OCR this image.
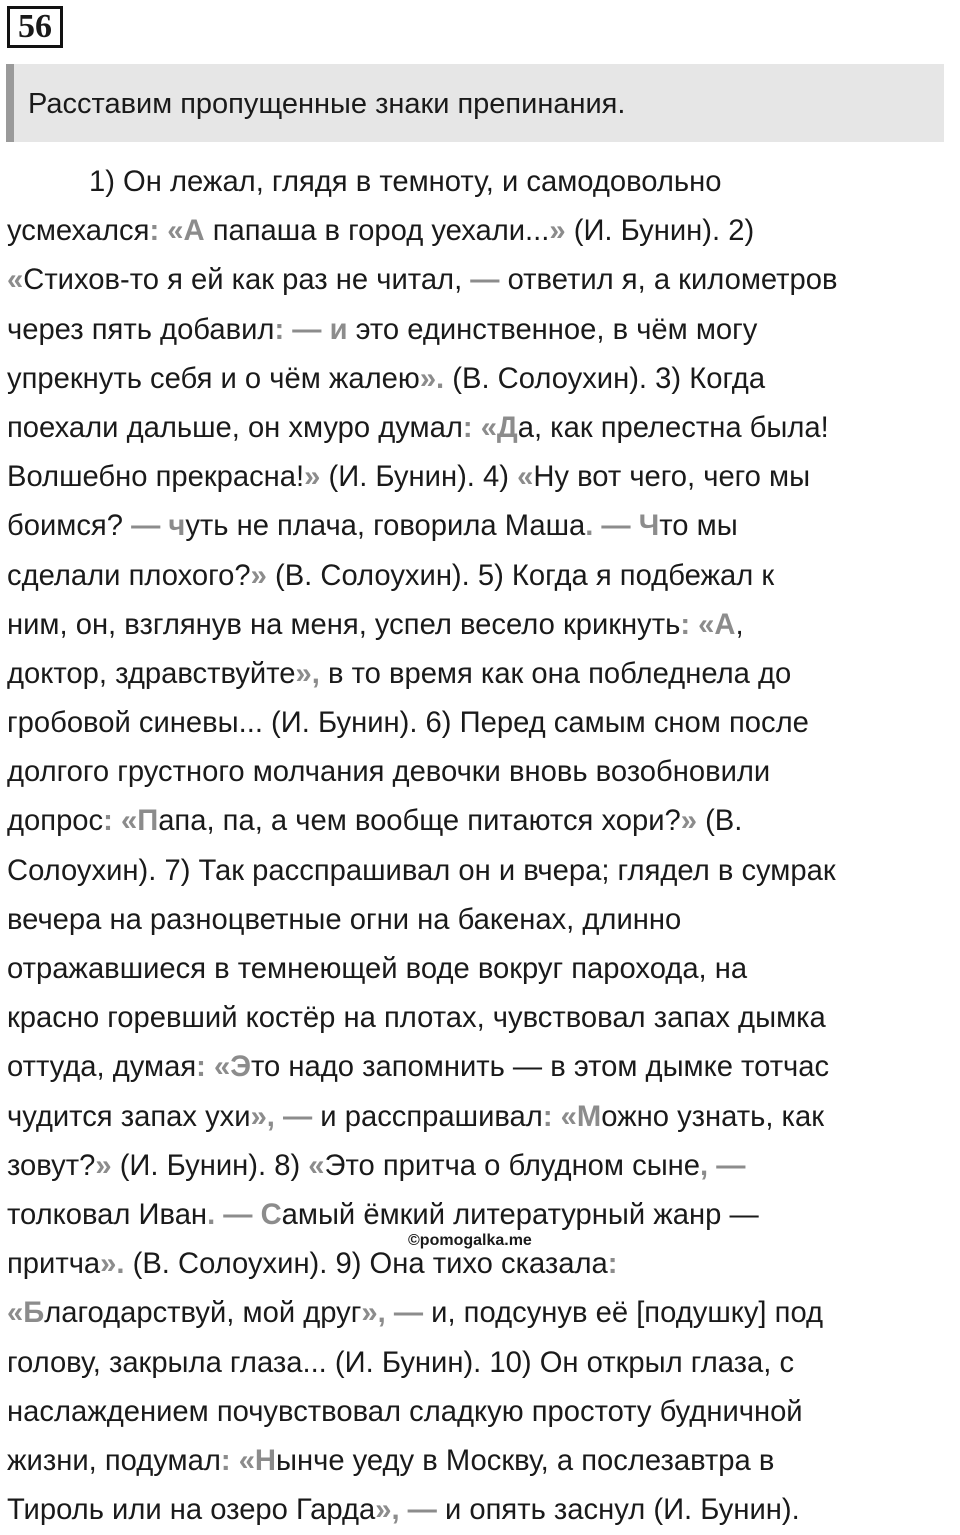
56
Расставим пропущенные знаки препинания.
1) Он лежал, глядя в темноту, и самодовольно
усмехался: «А папаша в город уехали...» (И. Бунин). 2)
«Стихов-то я ей как раз не читал, — ответил я, а километров
через пять добавил: — и это единственное, в чём могу
упрекнуть себя и о чём жалею». (В. Солоухин). 3) Когда
поехали дальше, он хмуро думал: «Да, как прелестна была!
Волшебно прекрасна!» (И. Бунин). 4) «Ну вот чего, чего мы
боимся? — чуть не плача, говорила Маша. — Что мы
сделали плохого?» (В. Солоухин). 5) Когда я подбежал к
ним, он, взглянув на меня, успел весело крикнуть: «А,
доктор, здравствуйте», в то время как она побледнела до
гробовой синевы... (И. Бунин). 6) Перед самым сном после
долгого грустного молчания девочки вновь возобновили
допрос: «Папа, па, а чем вообще питаются хори?» (В.
Солоухин). 7) Так расспрашивал он и вчера; глядел в сумрак
вечера на разноцветные огни на бакенах, длинно
отражавшиеся в темнеющей воде вокруг парохода, на
красно горевший костёр на плотах, чувствовал запах дымка
оттуда, думая: «Это надо запомнить — в этом дымке тотчас
чудится запах ухи», — и расспрашивал: «Можно узнать, как
зовут?» (И. Бунин). 8) «Это притча о блудном сыне, —
толковал Иван. — Самый ёмкий литературный жанр —
притча». (В. Солоухин). 9) Она тихо сказала:
«Благодарствуй, мой друг», — и, подсунув её [подушку] под
голову, закрыла глаза... (И. Бунин). 10) Он открыл глаза, с
наслаждением почувствовал сладкую простоту будничной
жизни, подумал: «Нынче уеду в Москву, а послезавтра в
Тироль или на озеро Гарда», — и опять заснул (И. Бунин).
©pomogalka.me
